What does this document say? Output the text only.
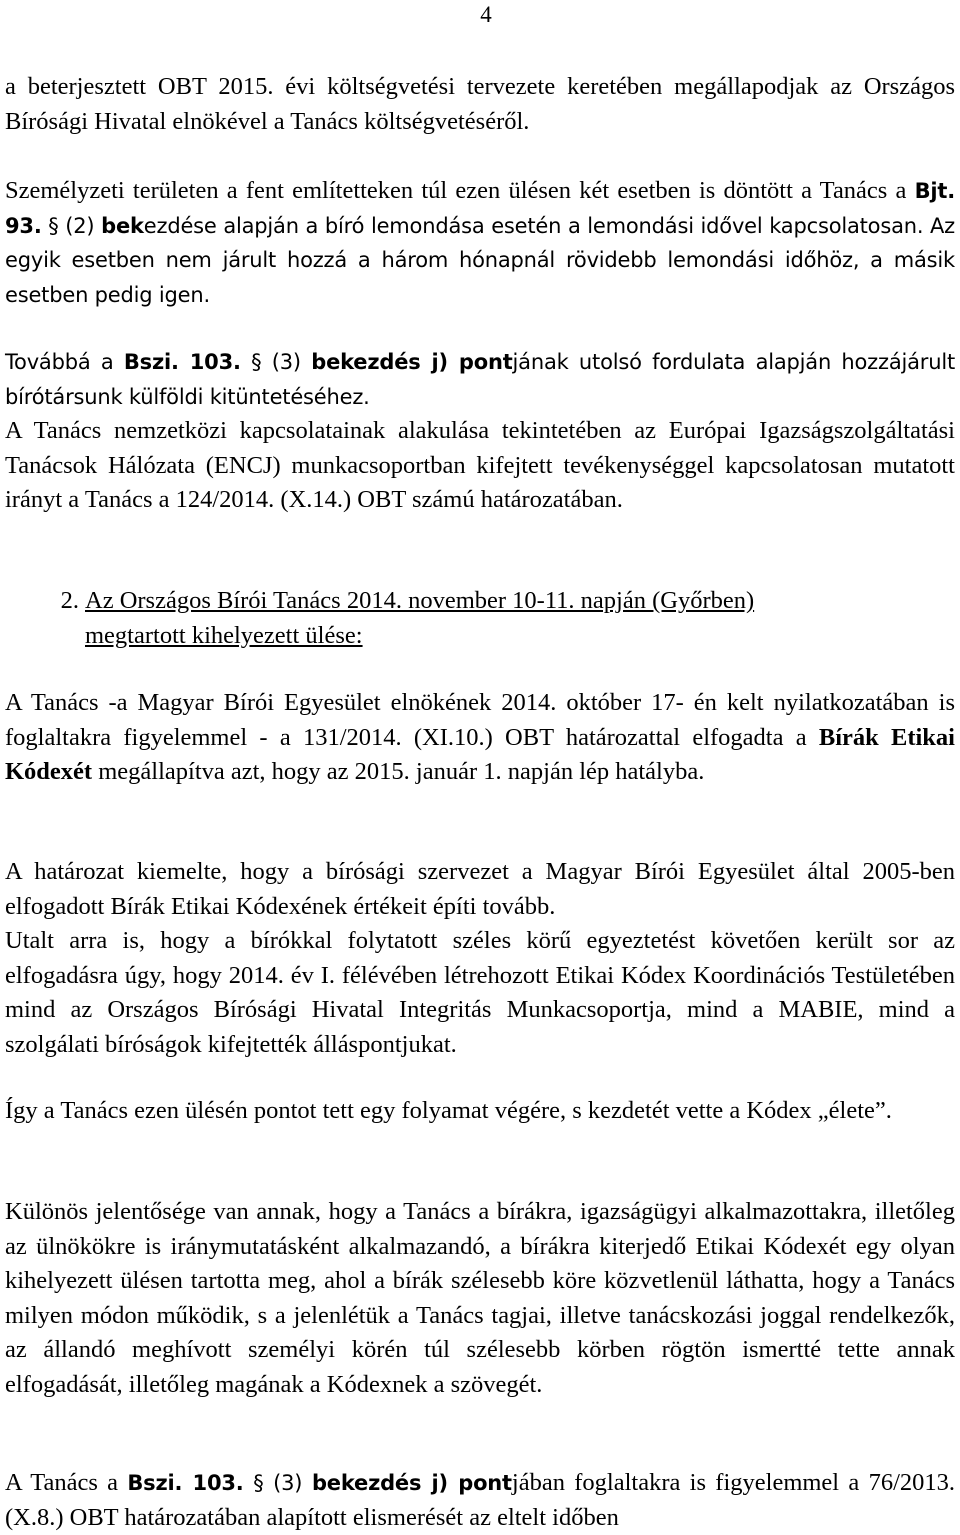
4

a beterjesztett OBT 2015. évi költségvetési tervezete keretében megállapodjak az Országos Bírósági Hivatal elnökével a Tanács költségvetéséről.

Személyzeti területen a fent említetteken túl ezen ülésen két esetben is döntött a Tanács a Bjt. 93. § (2) bekezdése alapján a bíró lemondása esetén a lemondási idővel kapcsolatosan. Az egyik esetben nem járult hozzá a három hónapnál rövidebb lemondási időhöz, a másik esetben pedig igen.

Továbbá a Bszi. 103. § (3) bekezdés j) pontjának utolsó fordulata alapján hozzájárult bírótársunk külföldi kitüntetéséhez.

A Tanács nemzetközi kapcsolatainak alakulása tekintetében az Európai Igazságszolgáltatási Tanácsok Hálózata (ENCJ) munkacsoportban kifejtett tevékenységgel kapcsolatosan mutatott irányt a Tanács a 124/2014. (X.14.) OBT számú határozatában.

2. Az Országos Bírói Tanács 2014. november 10-11. napján (Győrben)
megtartott kihelyezett ülése:

A Tanács -a Magyar Bírói Egyesület elnökének 2014. október 17- én kelt nyilatkozatában is foglaltakra figyelemmel - a 131/2014. (XI.10.) OBT határozattal elfogadta a Bírák Etikai Kódexét megállapítva azt, hogy az 2015. január 1. napján lép hatályba.

A határozat kiemelte, hogy a bírósági szervezet a Magyar Bírói Egyesület által 2005-ben elfogadott Bírák Etikai Kódexének értékeit építi tovább.

Utalt arra is, hogy a bírókkal folytatott széles körű egyeztetést követően került sor az elfogadásra úgy, hogy 2014. év I. félévében létrehozott Etikai Kódex Koordinációs Testületében mind az Országos Bírósági Hivatal Integritás Munkacsoportja, mind a MABIE, mind a szolgálati bíróságok kifejtették álláspontjukat.

Így a Tanács ezen ülésén pontot tett egy folyamat végére, s kezdetét vette a Kódex „élete”.

Különös jelentősége van annak, hogy a Tanács a bírákra, igazságügyi alkalmazottakra, illetőleg az ülnökökre is iránymutatásként alkalmazandó, a bírákra kiterjedő Etikai Kódexét egy olyan kihelyezett ülésen tartotta meg, ahol a bírák szélesebb köre közvetlenül láthatta, hogy a Tanács milyen módon működik, s a jelenlétük a Tanács tagjai, illetve tanácskozási joggal rendelkezők, az állandó meghívott személyi körén túl szélesebb körben rögtön ismertté tette annak elfogadását, illetőleg magának a Kódexnek a szövegét.

A Tanács a Bszi. 103. § (3) bekezdés j) pontjában foglaltakra is figyelemmel a 76/2013. (X.8.) OBT határozatában alapított elismerését az eltelt időben
